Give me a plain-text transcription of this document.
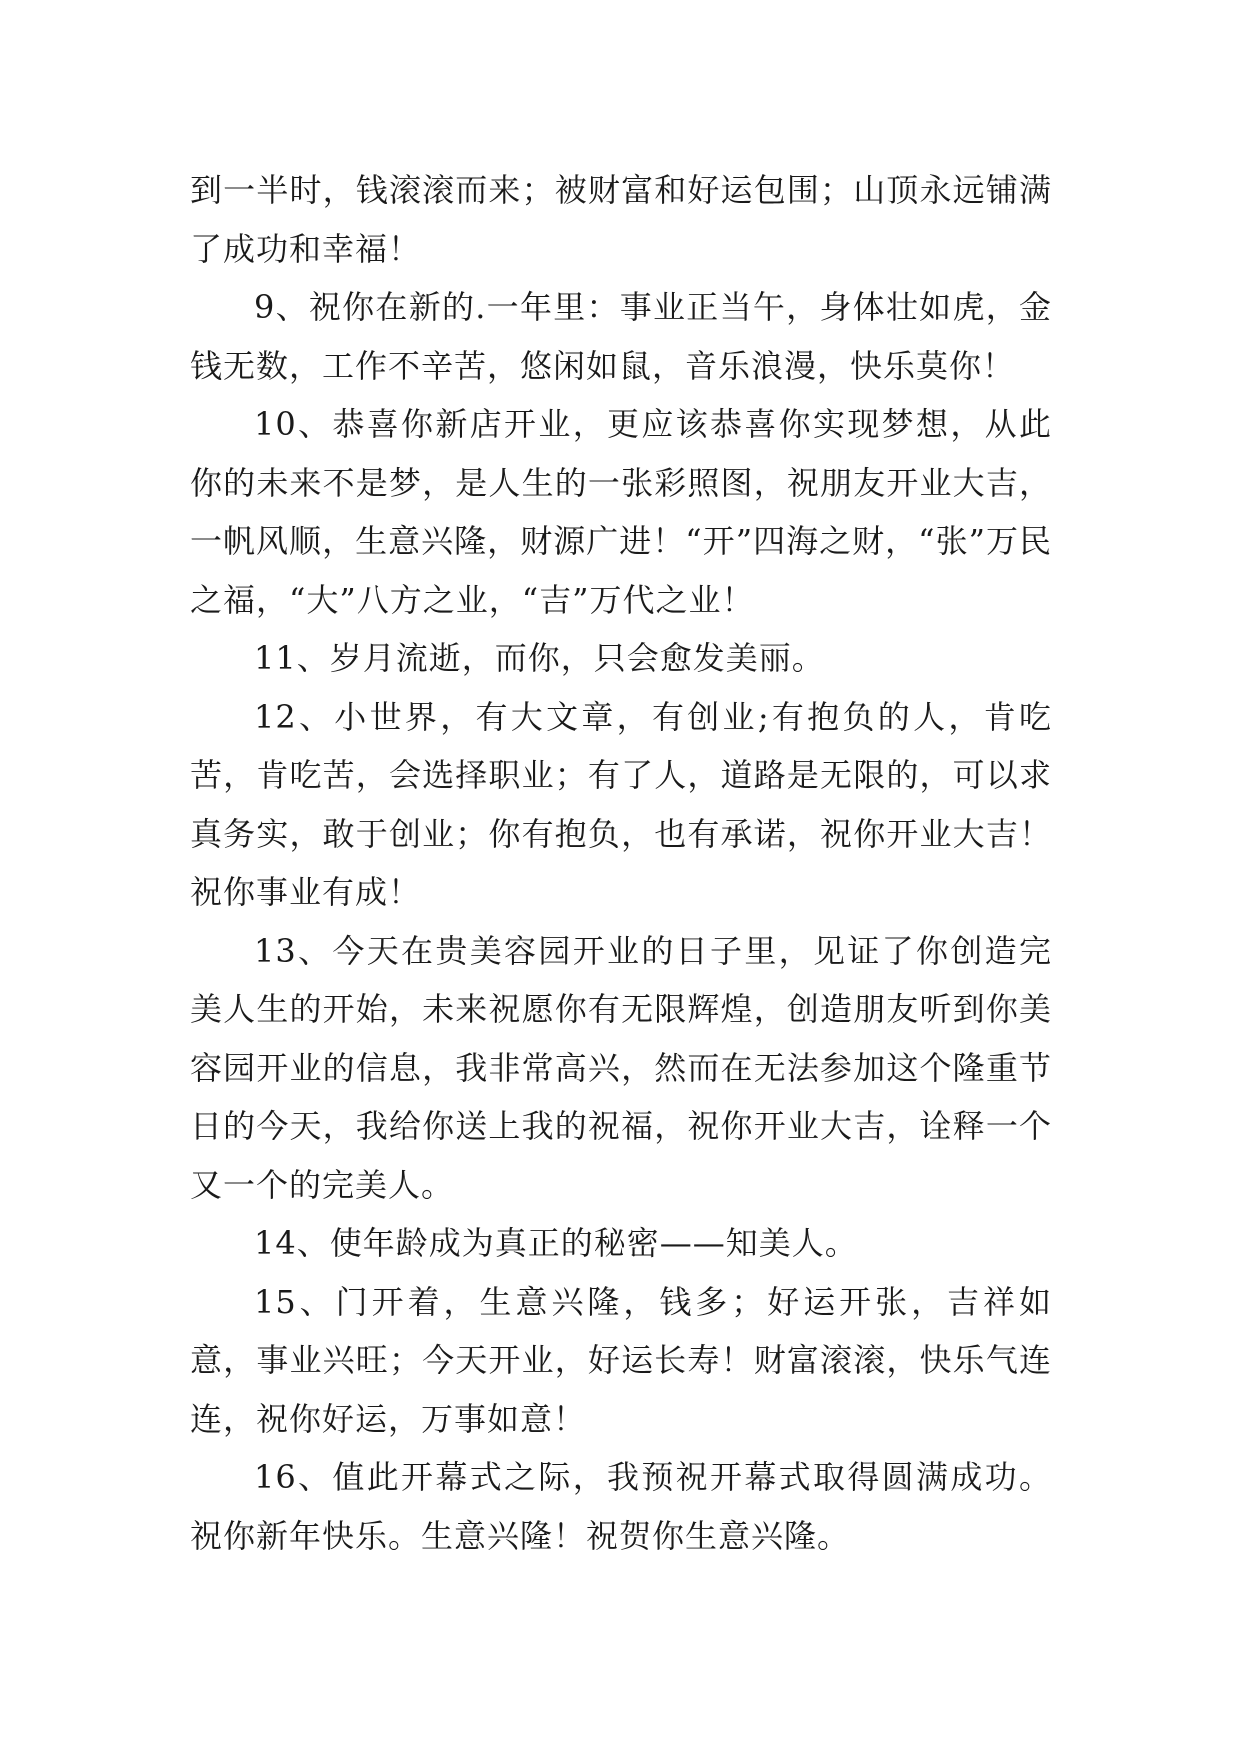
到一半时，钱滚滚而来；被财富和好运包围；山顶永远铺满了成功和幸福！

9、祝你在新的.一年里：事业正当午，身体壮如虎，金钱无数，工作不辛苦，悠闲如鼠，音乐浪漫，快乐莫你！

10、恭喜你新店开业，更应该恭喜你实现梦想，从此你的未来不是梦，是人生的一张彩照图，祝朋友开业大吉，一帆风顺，生意兴隆，财源广进！“开”四海之财，“张”万民之福，“大”八方之业，“吉”万代之业！

11、岁月流逝，而你，只会愈发美丽。

12、小世界，有大文章，有创业;有抱负的人，肯吃苦，肯吃苦，会选择职业；有了人，道路是无限的，可以求真务实，敢于创业；你有抱负，也有承诺，祝你开业大吉！祝你事业有成！

13、今天在贵美容园开业的日子里，见证了你创造完美人生的开始，未来祝愿你有无限辉煌，创造朋友听到你美容园开业的信息，我非常高兴，然而在无法参加这个隆重节日的今天，我给你送上我的祝福，祝你开业大吉，诠释一个又一个的完美人。

14、使年龄成为真正的秘密——知美人。

15、门开着，生意兴隆，钱多；好运开张，吉祥如意，事业兴旺；今天开业，好运长寿！财富滚滚，快乐气连连，祝你好运，万事如意！

16、值此开幕式之际，我预祝开幕式取得圆满成功。祝你新年快乐。生意兴隆！祝贺你生意兴隆。
